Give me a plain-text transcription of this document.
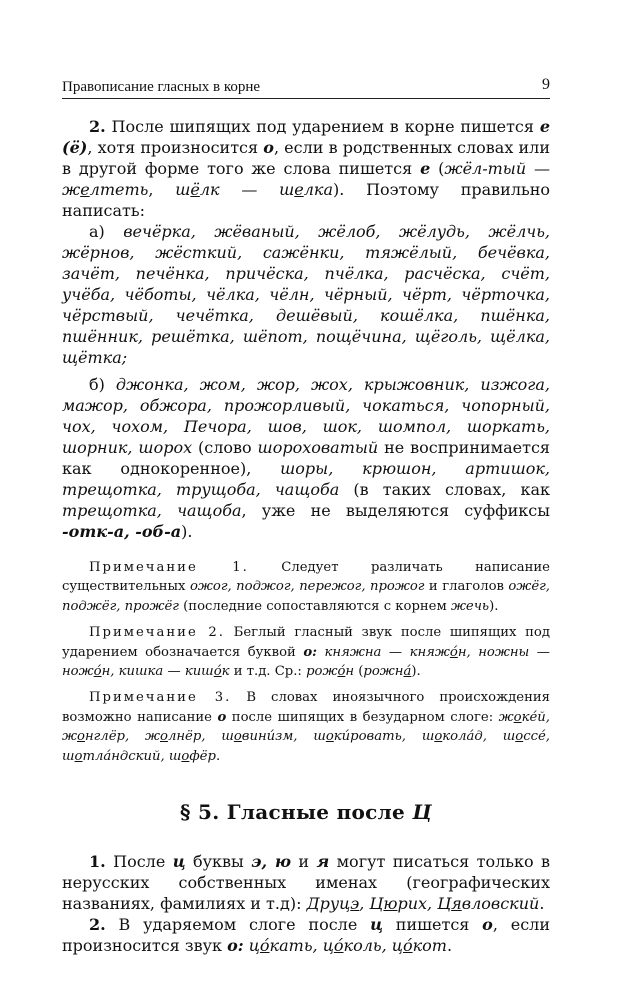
Правописание гласных в корне	9

2. После шипящих под ударением в корне пишется е (ё), хотя произносится о, если в родственных словах или в другой форме того же слова пишется е (жёл-тый — желтеть, шёлк — шелка). Поэтому правильно написать:

а) вечёрка, жёваный, жёлоб, жёлудь, жёлчь, жёрнов, жёсткий, сажёнки, тяжёлый, бечёвка, зачёт, печёнка, причёска, пчёлка, расчёска, счёт, учёба, чёботы, чёлка, чёлн, чёрный, чёрт, чёрточка, чёрствый, чечётка, дешёвый, кошёлка, пшёнка, пшённик, решётка, шёпот, пощёчина, щёголь, щёлка, щётка;

б) джонка, жом, жор, жох, крыжовник, изжога, мажор, обжора, прожорливый, чокаться, чопорный, чох, чохом, Печора, шов, шок, шомпол, шоркать, шорник, шорох (слово шороховатый не воспринимается как однокоренное), шоры, крюшон, артишок, трещотка, трущоба, чащоба (в таких словах, как трещотка, чащоба, уже не выделяются суффиксы -отк-а, -об-а).

Примечание 1. Следует различать написание существительных ожог, поджог, пережог, прожог и глаголов ожёг, поджёг, прожёг (последние сопоставляются с корнем жечь).

Примечание 2. Беглый гласный звук после шипящих под ударением обозначается буквой о: княжна — княжо́н, ножны — ножо́н, кишка — кишо́к и т.д. Ср.: рожо́н (рожна́).

Примечание 3. В словах иноязычного происхождения возможно написание о после шипящих в безударном слоге: жоке́й, жонглёр, жолнёр, шовини́зм, шоки́ровать, шокола́д, шоссе́, шотла́ндский, шофёр.

§ 5. Гласные после Ц

1. После ц буквы э, ю и я могут писаться только в нерусских собственных именах (географических названиях, фамилиях и т.д): Друцэ, Цюрих, Цявловский.

2. В ударяемом слоге после ц пишется о, если произносится звук о: цо́кать, цо́коль, цо́кот.
